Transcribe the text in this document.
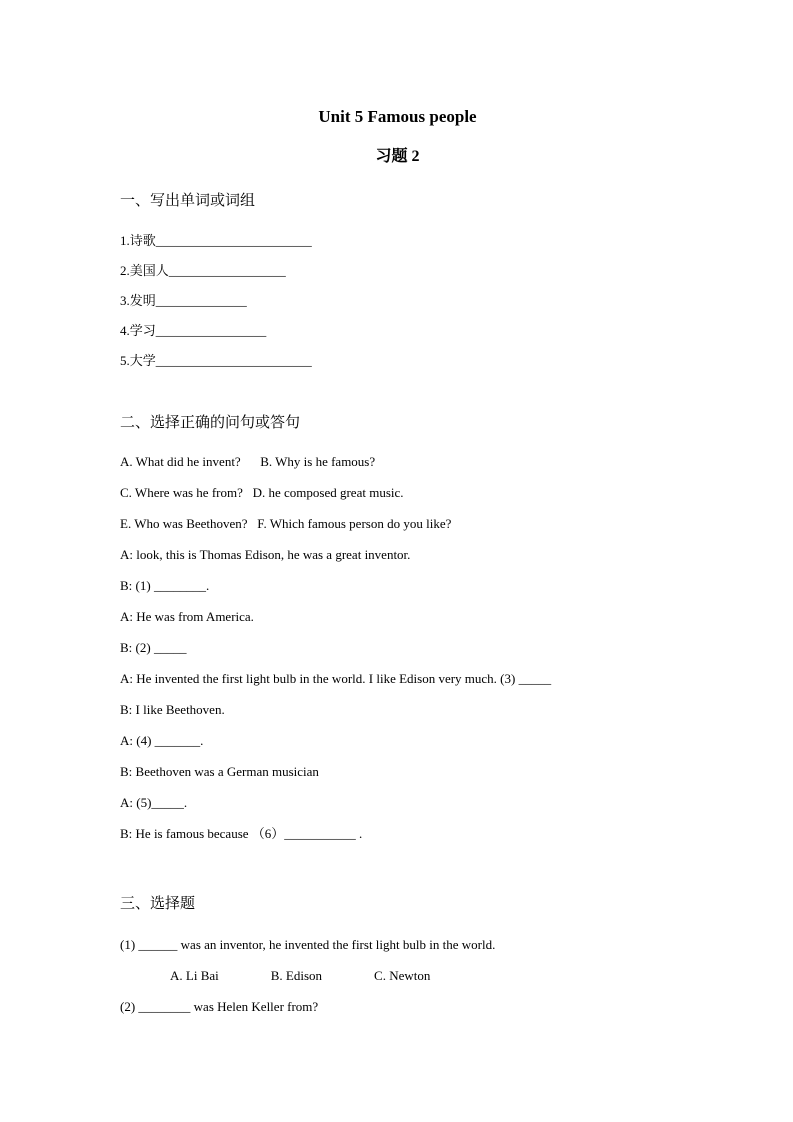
Unit 5 Famous people
习题 2
一、写出单词或词组
1.诗歌________________________
2.美国人__________________
3.发明______________
4.学习_________________
5.大学________________________
二、选择正确的问句或答句
A. What did he invent?      B. Why is he famous?
C. Where was he from?   D. he composed great music.
E. Who was Beethoven?   F. Which famous person do you like?
A: look, this is Thomas Edison, he was a great inventor.
B: (1) ________.
A: He was from America.
B: (2) _____
A: He invented the first light bulb in the world. I like Edison very much. (3) _____
B: I like Beethoven.
A: (4) _______.
B: Beethoven was a German musician
A: (5)_____.
B: He is famous because （6）___________ .
三、选择题
(1) ______ was an inventor, he invented the first light bulb in the world.
A. Li Bai                B. Edison                C. Newton
(2) ________ was Helen Keller from?
